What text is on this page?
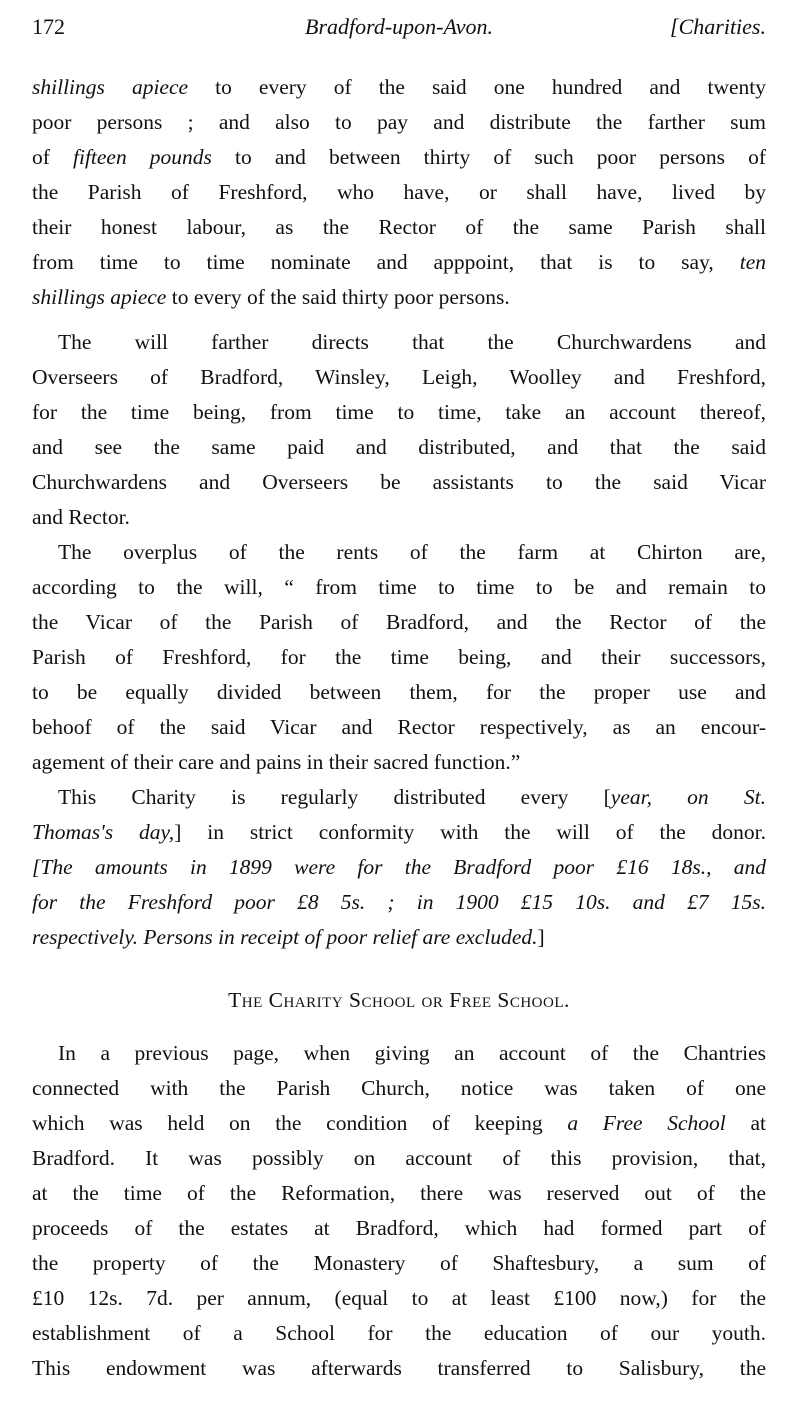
172	Bradford-upon-Avon.	[Charities.
shillings apiece to every of the said one hundred and twenty
poor persons ; and also to pay and distribute the farther sum
of fifteen pounds to and between thirty of such poor persons of
the Parish of Freshford, who have, or shall have, lived by
their honest labour, as the Rector of the same Parish shall
from time to time nominate and apppoint, that is to say, ten
shillings apiece to every of the said thirty poor persons.
The will farther directs that the Churchwardens and
Overseers of Bradford, Winsley, Leigh, Woolley and Freshford,
for the time being, from time to time, take an account thereof,
and see the same paid and distributed, and that the said
Churchwardens and Overseers be assistants to the said Vicar
and Rector.
The overplus of the rents of the farm at Chirton are,
according to the will, “ from time to time to be and remain to
the Vicar of the Parish of Bradford, and the Rector of the
Parish of Freshford, for the time being, and their successors,
to be equally divided between them, for the proper use and
behoof of the said Vicar and Rector respectively, as an encour-
agement of their care and pains in their sacred function.”
This Charity is regularly distributed every [year, on St.
Thomas's day,] in strict conformity with the will of the donor.
[The amounts in 1899 were for the Bradford poor £16 18s., and
for the Freshford poor £8 5s. ; in 1900 £15 10s. and £7 15s.
respectively. Persons in receipt of poor relief are excluded.]
The Charity School or Free School.
In a previous page, when giving an account of the Chantries
connected with the Parish Church, notice was taken of one
which was held on the condition of keeping a Free School at
Bradford. It was possibly on account of this provision, that,
at the time of the Reformation, there was reserved out of the
proceeds of the estates at Bradford, which had formed part of
the property of the Monastery of Shaftesbury, a sum of
£10 12s. 7d. per annum, (equal to at least £100 now,) for the
establishment of a School for the education of our youth.
This endowment was afterwards transferred to Salisbury, the
